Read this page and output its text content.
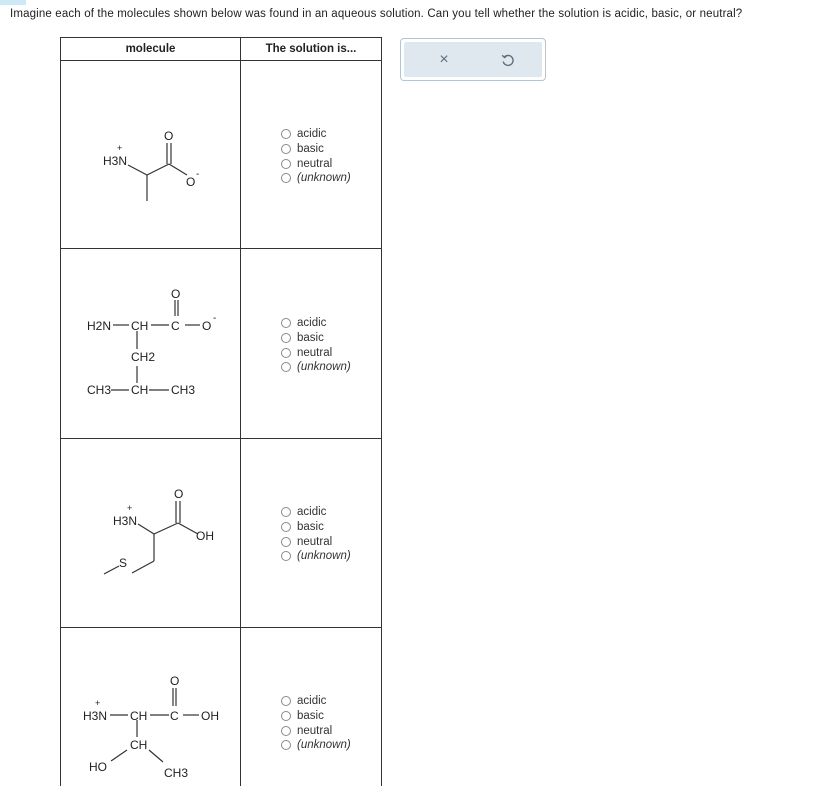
Imagine each of the molecules shown below was found in an aqueous solution. Can you tell whether the solution is acidic, basic, or neutral?
molecule	The solution is...
H3N
+
O
O
-
H2N CH C
O
O
-
CH2
CH3 CH CH3
H3N
+
O
OH
S
H3N
+
CH C
O
OH
CH
HO	CH3
acidic
basic
neutral
(unknown)
acidic
basic
neutral
(unknown)
acidic
basic
neutral
(unknown)
acidic
basic
neutral
(unknown)
×
